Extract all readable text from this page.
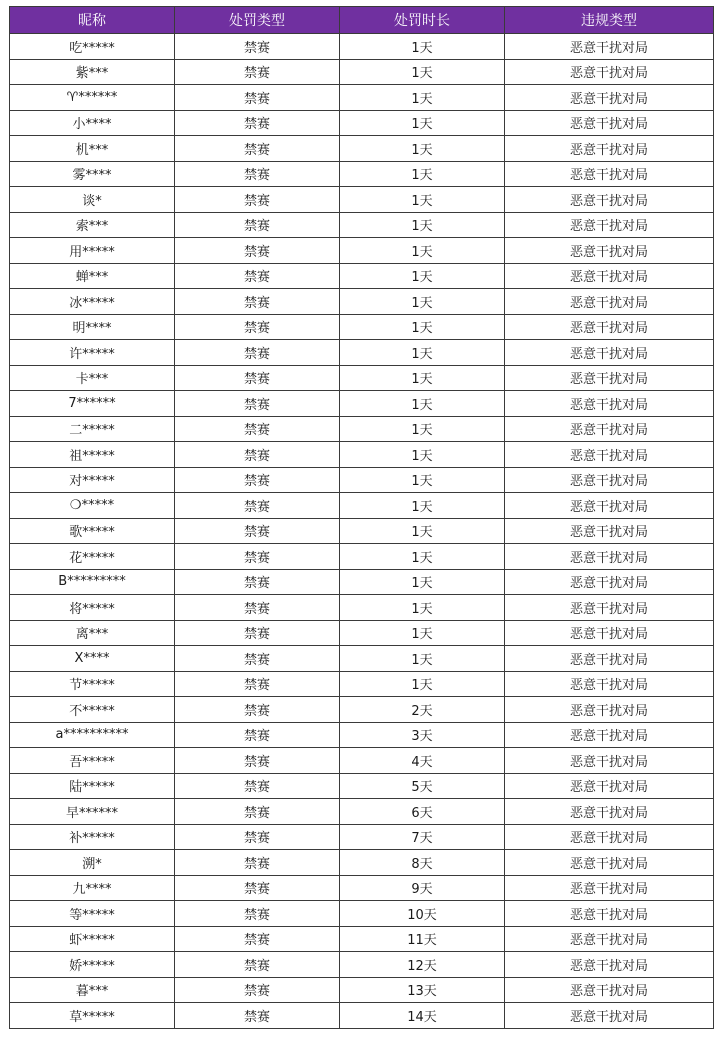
昵称	处罚类型	处罚时长	违规类型
吃*****	禁赛	1天	恶意干扰对局
紫***	禁赛	1天	恶意干扰对局
♈******	禁赛	1天	恶意干扰对局
小****	禁赛	1天	恶意干扰对局
机***	禁赛	1天	恶意干扰对局
雾****	禁赛	1天	恶意干扰对局
谈*	禁赛	1天	恶意干扰对局
索***	禁赛	1天	恶意干扰对局
用*****	禁赛	1天	恶意干扰对局
蝉***	禁赛	1天	恶意干扰对局
冰*****	禁赛	1天	恶意干扰对局
明****	禁赛	1天	恶意干扰对局
许*****	禁赛	1天	恶意干扰对局
卡***	禁赛	1天	恶意干扰对局
7******	禁赛	1天	恶意干扰对局
二*****	禁赛	1天	恶意干扰对局
祖*****	禁赛	1天	恶意干扰对局
对*****	禁赛	1天	恶意干扰对局
❍*****	禁赛	1天	恶意干扰对局
歌*****	禁赛	1天	恶意干扰对局
花*****	禁赛	1天	恶意干扰对局
B*********	禁赛	1天	恶意干扰对局
将*****	禁赛	1天	恶意干扰对局
离***	禁赛	1天	恶意干扰对局
X****	禁赛	1天	恶意干扰对局
节*****	禁赛	1天	恶意干扰对局
不*****	禁赛	2天	恶意干扰对局
a**********	禁赛	3天	恶意干扰对局
吾*****	禁赛	4天	恶意干扰对局
陆*****	禁赛	5天	恶意干扰对局
早******	禁赛	6天	恶意干扰对局
补*****	禁赛	7天	恶意干扰对局
溯*	禁赛	8天	恶意干扰对局
九****	禁赛	9天	恶意干扰对局
等*****	禁赛	10天	恶意干扰对局
虾*****	禁赛	11天	恶意干扰对局
娇*****	禁赛	12天	恶意干扰对局
暮***	禁赛	13天	恶意干扰对局
草*****	禁赛	14天	恶意干扰对局
